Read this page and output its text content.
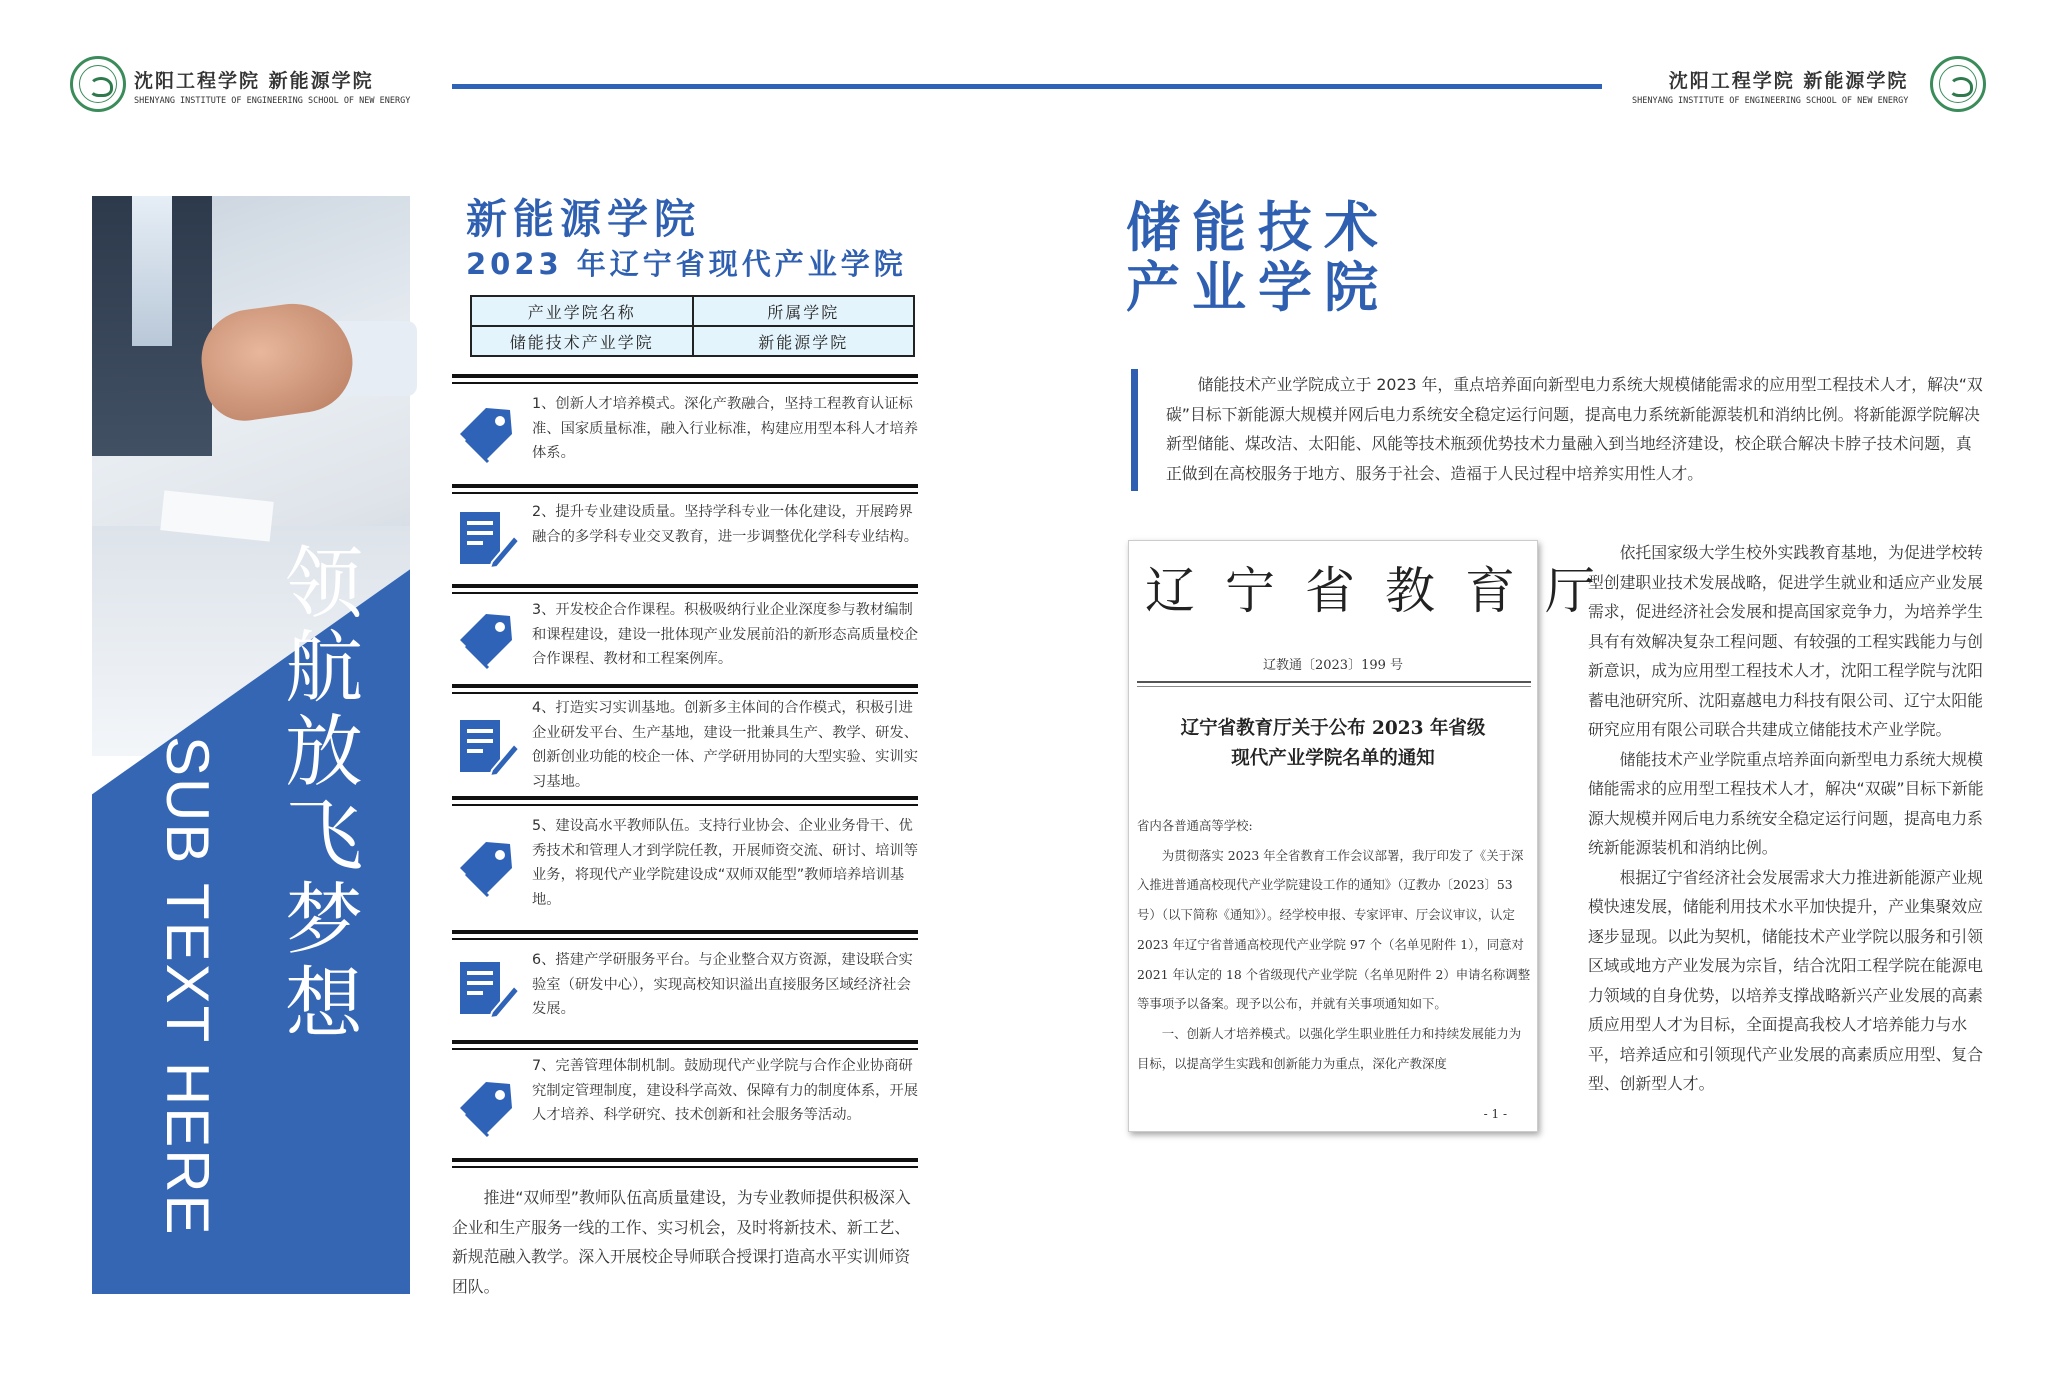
沈阳工程学院 新能源学院
SHENYANG INSTITUTE OF ENGINEERING SCHOOL OF NEW ENERGY
沈阳工程学院 新能源学院
SHENYANG INSTITUTE OF ENGINEERING SCHOOL OF NEW ENERGY
领航放飞梦想
SUB TEXT HERE
新能源学院
2023 年辽宁省现代产业学院
产业学院名称	所属学院
储能技术产业学院	新能源学院
1、创新人才培养模式。深化产教融合，坚持工程教育认证标准、国家质量标准，融入行业标准，构建应用型本科人才培养体系。
2、提升专业建设质量。坚持学科专业一体化建设，开展跨界融合的多学科专业交叉教育，进一步调整优化学科专业结构。
3、开发校企合作课程。积极吸纳行业企业深度参与教材编制和课程建设，建设一批体现产业发展前沿的新形态高质量校企合作课程、教材和工程案例库。
4、打造实习实训基地。创新多主体间的合作模式，积极引进企业研发平台、生产基地，建设一批兼具生产、教学、研发、创新创业功能的校企一体、产学研用协同的大型实验、实训实习基地。
5、建设高水平教师队伍。支持行业协会、企业业务骨干、优秀技术和管理人才到学院任教，开展师资交流、研讨、培训等业务，将现代产业学院建设成“双师双能型”教师培养培训基地。
6、搭建产学研服务平台。与企业整合双方资源，建设联合实验室（研发中心），实现高校知识溢出直接服务区域经济社会发展。
7、完善管理体制机制。鼓励现代产业学院与合作企业协商研究制定管理制度，建设科学高效、保障有力的制度体系，开展人才培养、科学研究、技术创新和社会服务等活动。
推进“双师型”教师队伍高质量建设，为专业教师提供积极深入企业和生产服务一线的工作、实习机会，及时将新技术、新工艺、新规范融入教学。深入开展校企导师联合授课打造高水平实训师资团队。
储能技术
产业学院
储能技术产业学院成立于 2023 年，重点培养面向新型电力系统大规模储能需求的应用型工程技术人才，解决“双碳”目标下新能源大规模并网后电力系统安全稳定运行问题，提高电力系统新能源装机和消纳比例。将新能源学院解决新型储能、煤改洁、太阳能、风能等技术瓶颈优势技术力量融入到当地经济建设，校企联合解决卡脖子技术问题，真正做到在高校服务于地方、服务于社会、造福于人民过程中培养实用性人才。
辽宁省教育厅
辽教通〔2023〕199 号
辽宁省教育厅关于公布 2023 年省级
现代产业学院名单的通知

省内各普通高等学校:

为贯彻落实 2023 年全省教育工作会议部署，我厅印发了《关于深入推进普通高校现代产业学院建设工作的通知》（辽教办〔2023〕53 号）（以下简称《通知》）。经学校申报、专家评审、厅会议审议，认定 2023 年辽宁省普通高校现代产业学院 97 个（名单见附件 1），同意对 2021 年认定的 18 个省级现代产业学院（名单见附件 2）申请名称调整等事项予以备案。现予以公布，并就有关事项通知如下。

一、创新人才培养模式。以强化学生职业胜任力和持续发展能力为目标，以提高学生实践和创新能力为重点，深化产教深度

- 1 -

依托国家级大学生校外实践教育基地，为促进学校转型创建职业技术发展战略，促进学生就业和适应产业发展需求，促进经济社会发展和提高国家竞争力，为培养学生具有有效解决复杂工程问题、有较强的工程实践能力与创新意识，成为应用型工程技术人才，沈阳工程学院与沈阳蓄电池研究所、沈阳嘉越电力科技有限公司、辽宁太阳能研究应用有限公司联合共建成立储能技术产业学院。

储能技术产业学院重点培养面向新型电力系统大规模储能需求的应用型工程技术人才，解决“双碳”目标下新能源大规模并网后电力系统安全稳定运行问题，提高电力系统新能源装机和消纳比例。

根据辽宁省经济社会发展需求大力推进新能源产业规模快速发展，储能利用技术水平加快提升，产业集聚效应逐步显现。以此为契机，储能技术产业学院以服务和引领区域或地方产业发展为宗旨，结合沈阳工程学院在能源电力领域的自身优势，以培养支撑战略新兴产业发展的高素质应用型人才为目标，全面提高我校人才培养能力与水平，培养适应和引领现代产业发展的高素质应用型、复合型、创新型人才。
